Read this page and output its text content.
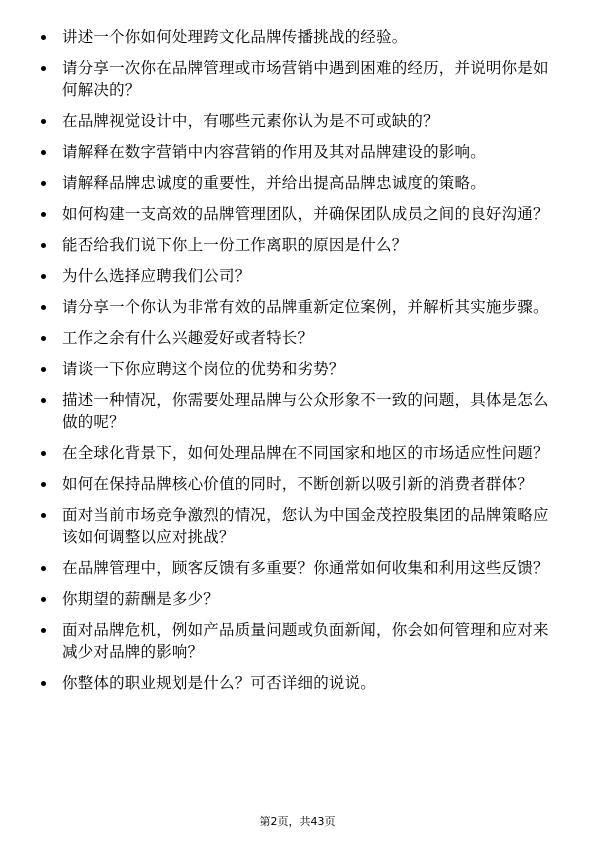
讲述一个你如何处理跨文化品牌传播挑战的经验。
请分享一次你在品牌管理或市场营销中遇到困难的经历，并说明你是如何解决的？
在品牌视觉设计中，有哪些元素你认为是不可或缺的？
请解释在数字营销中内容营销的作用及其对品牌建设的影响。
请解释品牌忠诚度的重要性，并给出提高品牌忠诚度的策略。
如何构建一支高效的品牌管理团队，并确保团队成员之间的良好沟通？
能否给我们说下你上一份工作离职的原因是什么？
为什么选择应聘我们公司？
请分享一个你认为非常有效的品牌重新定位案例，并解析其实施步骤。
工作之余有什么兴趣爱好或者特长？
请谈一下你应聘这个岗位的优势和劣势？
描述一种情况，你需要处理品牌与公众形象不一致的问题，具体是怎么做的呢？
在全球化背景下，如何处理品牌在不同国家和地区的市场适应性问题？
如何在保持品牌核心价值的同时，不断创新以吸引新的消费者群体？
面对当前市场竞争激烈的情况，您认为中国金茂控股集团的品牌策略应该如何调整以应对挑战？
在品牌管理中，顾客反馈有多重要？你通常如何收集和利用这些反馈？
你期望的薪酬是多少？
面对品牌危机，例如产品质量问题或负面新闻，你会如何管理和应对来减少对品牌的影响？
你整体的职业规划是什么？可否详细的说说。
第2页，共43页
